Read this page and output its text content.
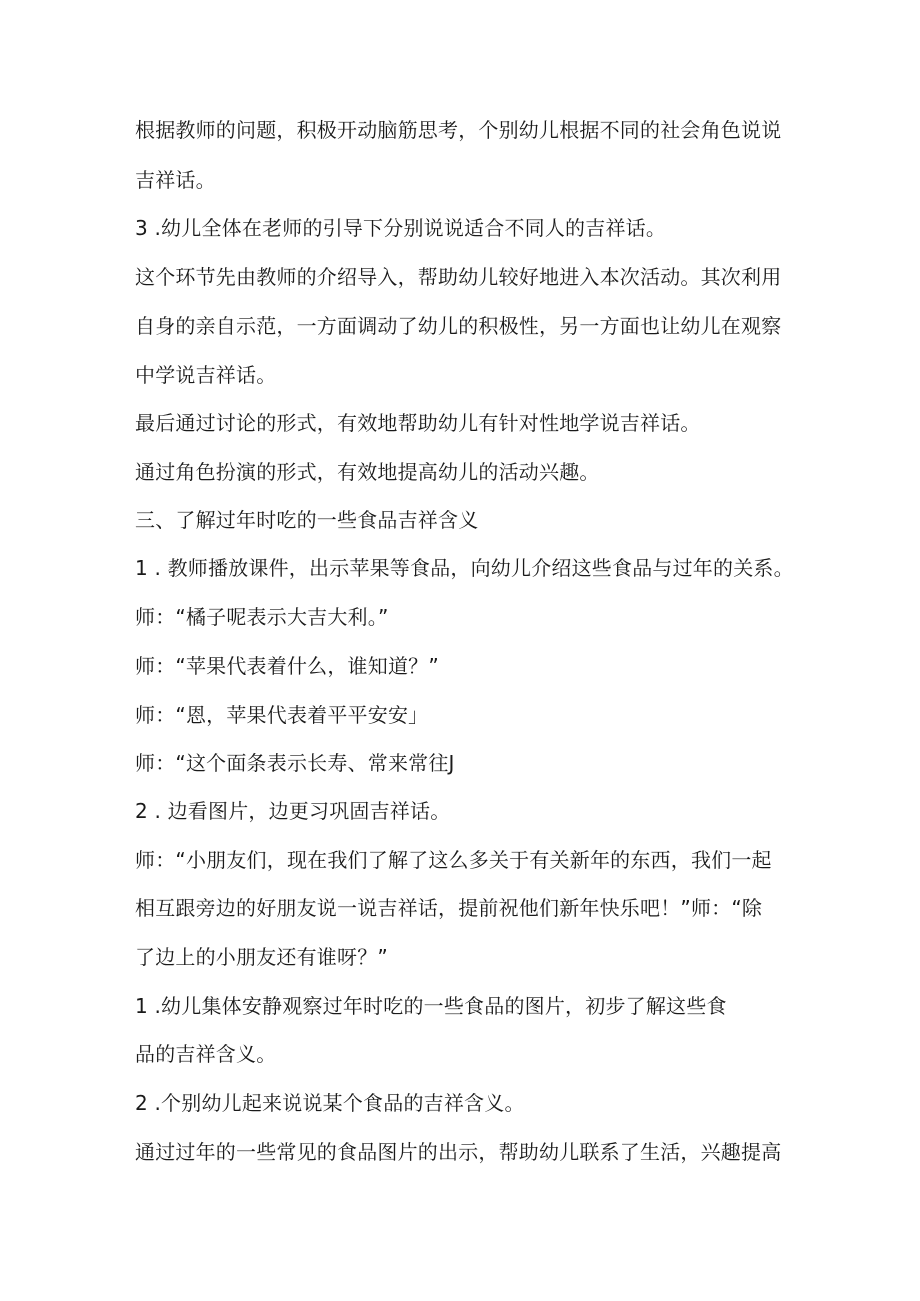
根据教师的问题，积极开动脑筋思考，个别幼儿根据不同的社会角色说说
吉祥话。
3 .幼儿全体在老师的引导下分别说说适合不同人的吉祥话。
这个环节先由教师的介绍导入，帮助幼儿较好地进入本次活动。其次利用
自身的亲自示范，一方面调动了幼儿的积极性，另一方面也让幼儿在观察
中学说吉祥话。
最后通过讨论的形式，有效地帮助幼儿有针对性地学说吉祥话。
通过角色扮演的形式，有效地提高幼儿的活动兴趣。
三、了解过年时吃的一些食品吉祥含义
1 . 教师播放课件，出示苹果等食品，向幼儿介绍这些食品与过年的关系。
师：“橘子呢表示大吉大利。”
师：“苹果代表着什么，谁知道？”
师：“恩，苹果代表着平平安安」
师：“这个面条表示长寿、常来常往J
2 . 边看图片，边更习巩固吉祥话。
师：“小朋友们，现在我们了解了这么多关于有关新年的东西，我们一起
相互跟旁边的好朋友说一说吉祥话，提前祝他们新年快乐吧！”师：“除
了边上的小朋友还有谁呀？”
1 .幼儿集体安静观察过年时吃的一些食品的图片，初步了解这些食
品的吉祥含义。
2 .个别幼儿起来说说某个食品的吉祥含义。
通过过年的一些常见的食品图片的出示，帮助幼儿联系了生活，兴趣提高
